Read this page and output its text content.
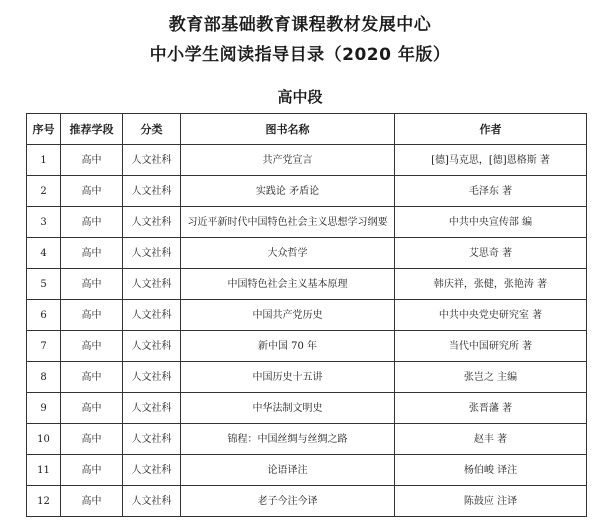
教育部基础教育课程教材发展中心
中小学生阅读指导目录（2020 年版）
高中段
序号	推荐学段	分类	图书名称	作者
1	高中	人文社科	共产党宣言	[德]马克思，[德]恩格斯 著
2	高中	人文社科	实践论 矛盾论	毛泽东 著
3	高中	人文社科	习近平新时代中国特色社会主义思想学习纲要	中共中央宣传部 编
4	高中	人文社科	大众哲学	艾思奇 著
5	高中	人文社科	中国特色社会主义基本原理	韩庆祥，张健，张艳涛 著
6	高中	人文社科	中国共产党历史	中共中央党史研究室 著
7	高中	人文社科	新中国 70 年	当代中国研究所 著
8	高中	人文社科	中国历史十五讲	张岂之 主编
9	高中	人文社科	中华法制文明史	张晋藩 著
10	高中	人文社科	锦程：中国丝绸与丝绸之路	赵丰 著
11	高中	人文社科	论语译注	杨伯峻 译注
12	高中	人文社科	老子今注今译	陈鼓应 注译
